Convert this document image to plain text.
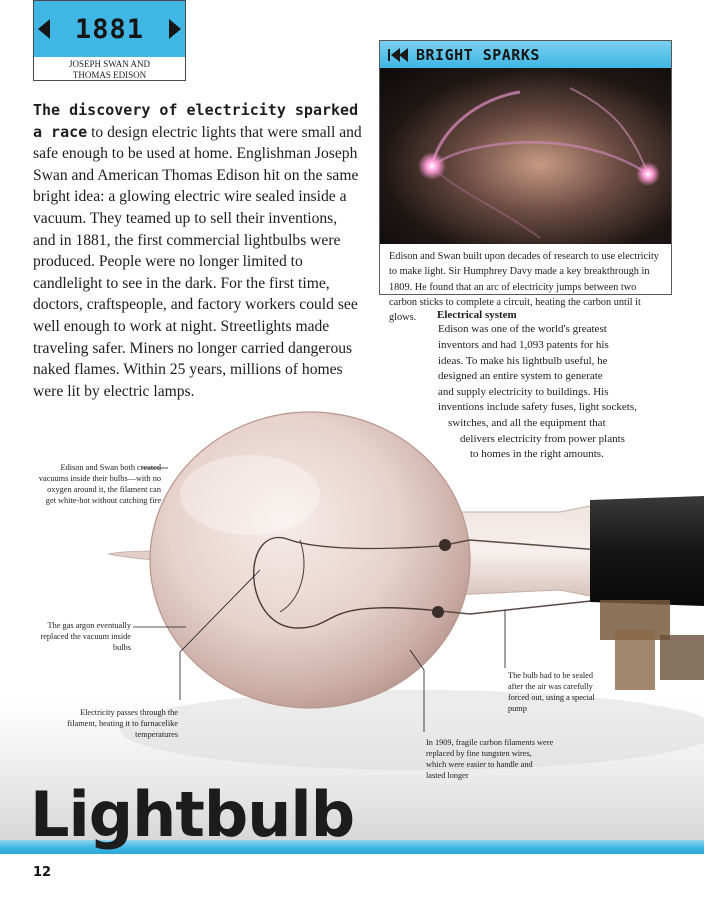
1881
JOSEPH SWAN AND
THOMAS EDISON
The discovery of electricity sparked a race to design electric lights that were small and safe enough to be used at home. Englishman Joseph Swan and American Thomas Edison hit on the same bright idea: a glowing electric wire sealed inside a vacuum. They teamed up to sell their inventions, and in 1881, the first commercial lightbulbs were produced. People were no longer limited to candlelight to see in the dark. For the first time, doctors, craftspeople, and factory workers could see well enough to work at night. Streetlights made traveling safer. Miners no longer carried dangerous naked flames. Within 25 years, millions of homes were lit by electric lamps.
BRIGHT SPARKS
Edison and Swan built upon decades of research to use electricity to make light. Sir Humphrey Davy made a key breakthrough in 1809. He found that an arc of electricity jumps between two carbon sticks to complete a circuit, heating the carbon until it glows.	Electrical system
Edison was one of the world's greatest
inventors and had 1,093 patents for his
ideas. To make his lightbulb useful, he
designed an entire system to generate
and supply electricity to buildings. His
inventions include safety fuses, light sockets,
switches, and all the equipment that
delivers electricity from power plants
to homes in the right amounts.
Edison and Swan both created vacuums inside their bulbs—with no oxygen around it, the filament can get white-hot without catching fire
The gas argon eventually replaced the vacuum inside bulbs
Electricity passes through the filament, heating it to furnacelike temperatures
In 1909, fragile carbon filaments were replaced by fine tungsten wires, which were easier to handle and lasted longer
The bulb had to be sealed after the air was carefully forced out, using a special pump
Lightbulb
12
